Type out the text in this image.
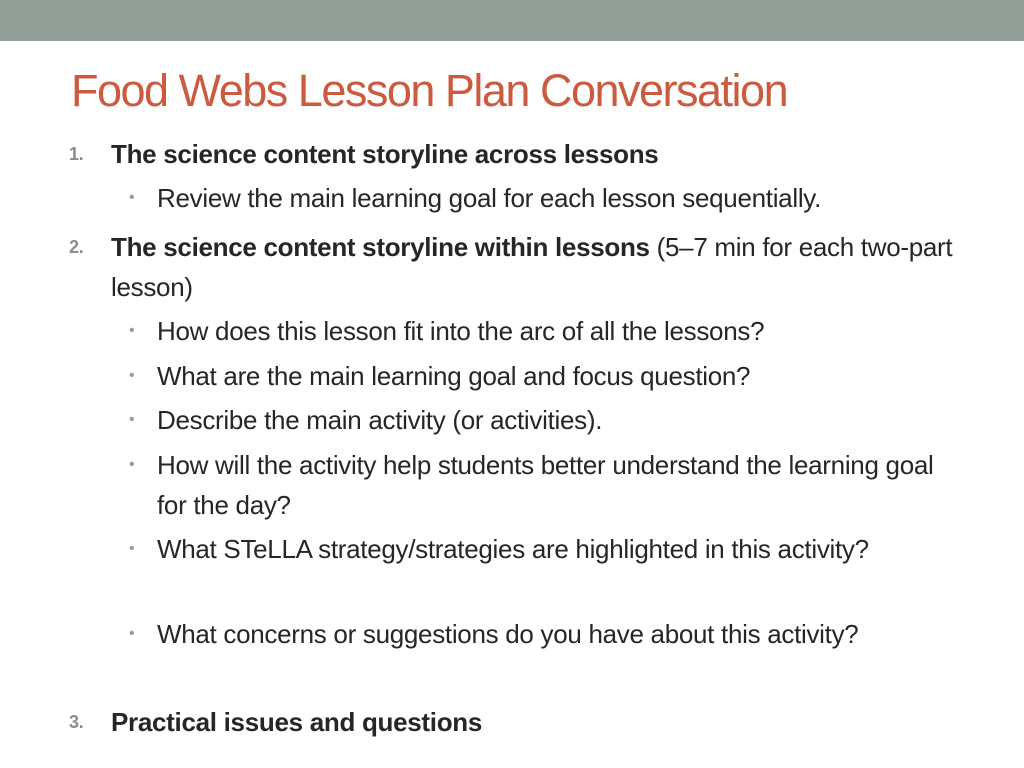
Food Webs Lesson Plan Conversation
1. The science content storyline across lessons
• Review the main learning goal for each lesson sequentially.
2. The science content storyline within lessons (5–7 min for each two-part lesson)
• How does this lesson fit into the arc of all the lessons?
• What are the main learning goal and focus question?
• Describe the main activity (or activities).
• How will the activity help students better understand the learning goal for the day?
• What STeLLA strategy/strategies are highlighted in this activity?
• What concerns or suggestions do you have about this activity?
3. Practical issues and questions
